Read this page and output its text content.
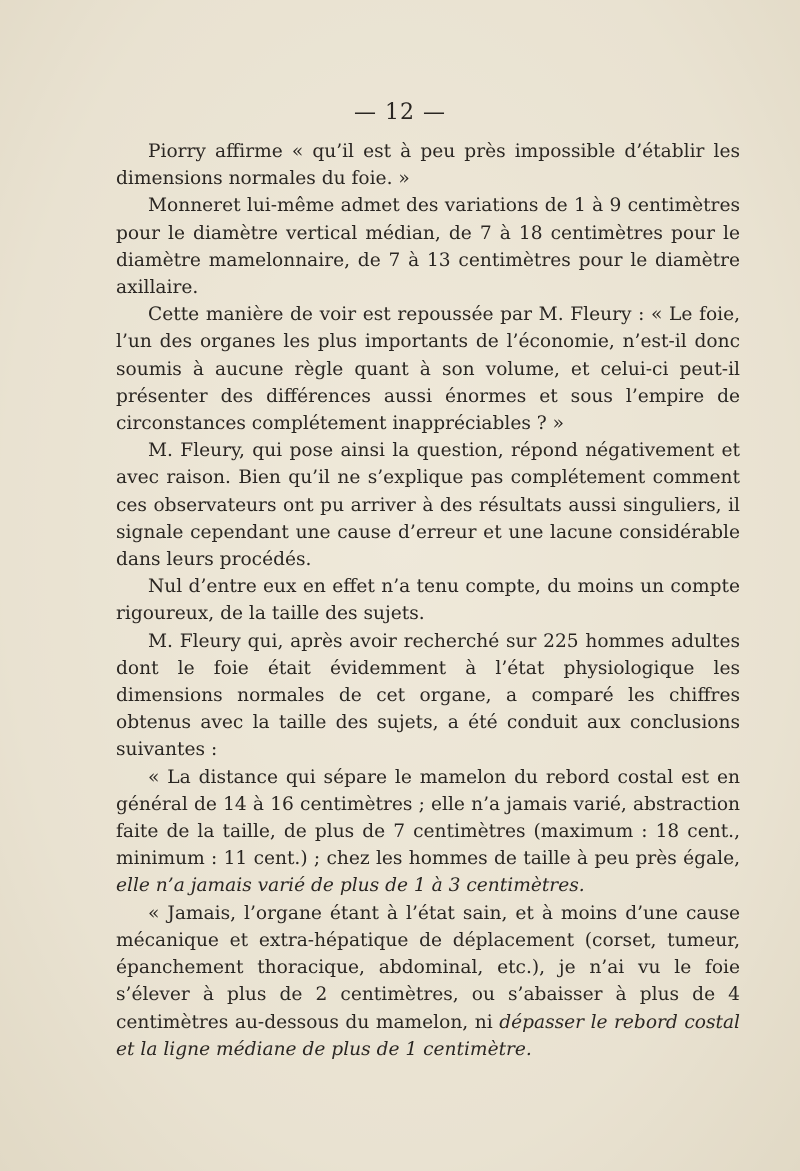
— 12 —

Piorry affirme « qu’il est à peu près impossible d’établir les dimensions normales du foie. »

Monneret lui-même admet des variations de 1 à 9 centimètres pour le diamètre vertical médian, de 7 à 18 centimètres pour le diamètre mamelonnaire, de 7 à 13 centimètres pour le diamètre axillaire.

Cette manière de voir est repoussée par M. Fleury : « Le foie, l’un des organes les plus importants de l’économie, n’est-il donc soumis à aucune règle quant à son volume, et celui-ci peut-il présenter des différences aussi énormes et sous l’empire de circonstances complétement inappréciables ? »

M. Fleury, qui pose ainsi la question, répond négativement et avec raison. Bien qu’il ne s’explique pas complétement comment ces observateurs ont pu arriver à des résultats aussi singuliers, il signale cependant une cause d’erreur et une lacune considérable dans leurs procédés.

Nul d’entre eux en effet n’a tenu compte, du moins un compte rigoureux, de la taille des sujets.

M. Fleury qui, après avoir recherché sur 225 hommes adultes dont le foie était évidemment à l’état physiologique les dimensions normales de cet organe, a comparé les chiffres obtenus avec la taille des sujets, a été conduit aux conclusions suivantes :

« La distance qui sépare le mamelon du rebord costal est en général de 14 à 16 centimètres ; elle n’a jamais varié, abstraction faite de la taille, de plus de 7 centimètres (maximum : 18 cent., minimum : 11 cent.) ; chez les hommes de taille à peu près égale, elle n’a jamais varié de plus de 1 à 3 centimètres.

« Jamais, l’organe étant à l’état sain, et à moins d’une cause mécanique et extra-hépatique de déplacement (corset, tumeur, épanchement thoracique, abdominal, etc.), je n’ai vu le foie s’élever à plus de 2 centimètres, ou s’abaisser à plus de 4 centimètres au-dessous du mamelon, ni dépasser le rebord costal et la ligne médiane de plus de 1 centimètre.
